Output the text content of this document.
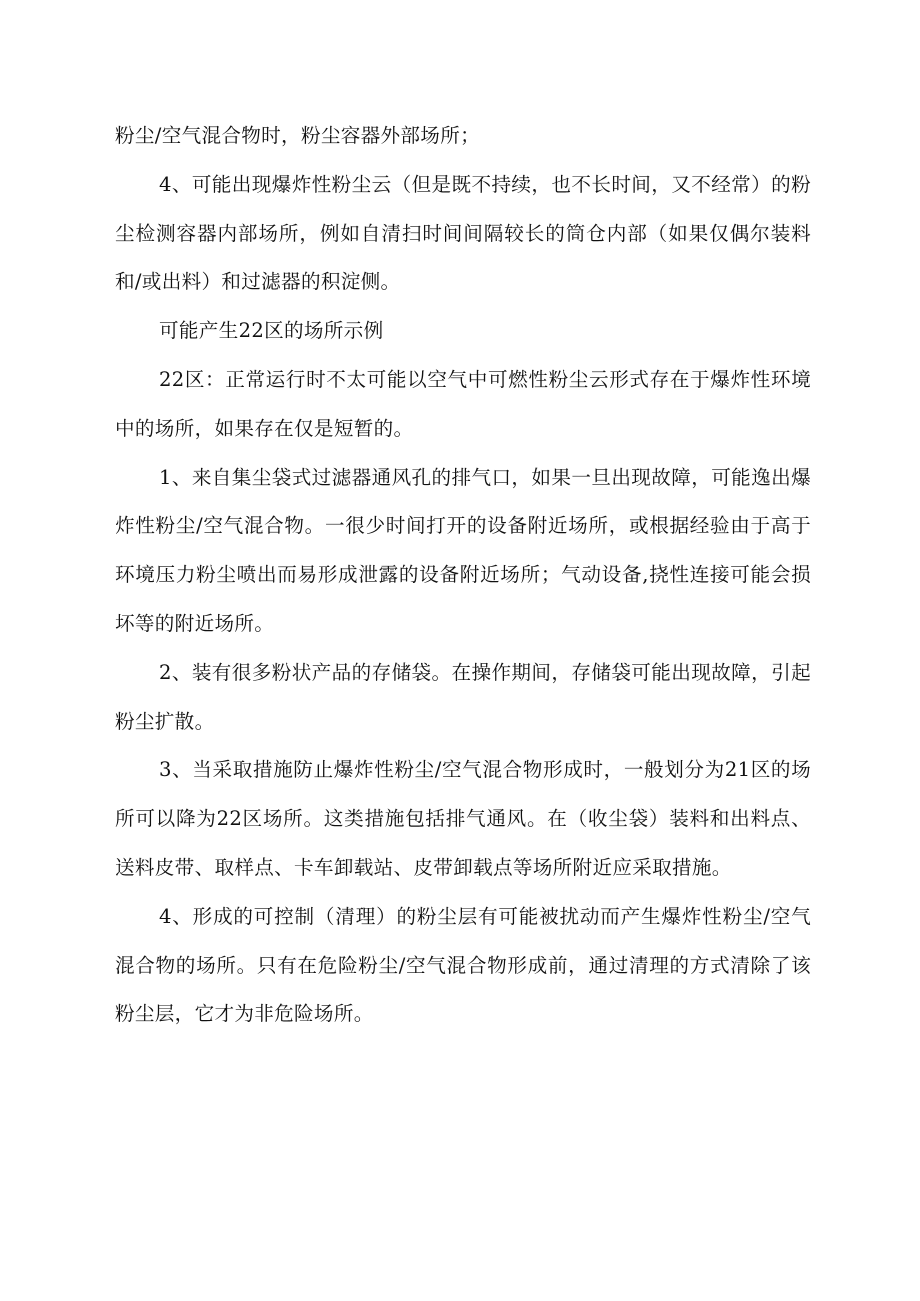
粉尘/空气混合物时，粉尘容器外部场所；

4、可能出现爆炸性粉尘云（但是既不持续，也不长时间，又不经常）的粉尘检测容器内部场所，例如自清扫时间间隔较长的筒仓内部（如果仅偶尔装料和/或出料）和过滤器的积淀侧。

可能产生22区的场所示例

22区：正常运行时不太可能以空气中可燃性粉尘云形式存在于爆炸性环境中的场所，如果存在仅是短暂的。

1、来自集尘袋式过滤器通风孔的排气口，如果一旦出现故障，可能逸出爆炸性粉尘/空气混合物。一很少时间打开的设备附近场所，或根据经验由于高于环境压力粉尘喷出而易形成泄露的设备附近场所；气动设备,挠性连接可能会损坏等的附近场所。

2、装有很多粉状产品的存储袋。在操作期间，存储袋可能出现故障，引起粉尘扩散。

3、当采取措施防止爆炸性粉尘/空气混合物形成时，一般划分为21区的场所可以降为22区场所。这类措施包括排气通风。在（收尘袋）装料和出料点、送料皮带、取样点、卡车卸载站、皮带卸载点等场所附近应采取措施。

4、形成的可控制（清理）的粉尘层有可能被扰动而产生爆炸性粉尘/空气混合物的场所。只有在危险粉尘/空气混合物形成前，通过清理的方式清除了该粉尘层，它才为非危险场所。
